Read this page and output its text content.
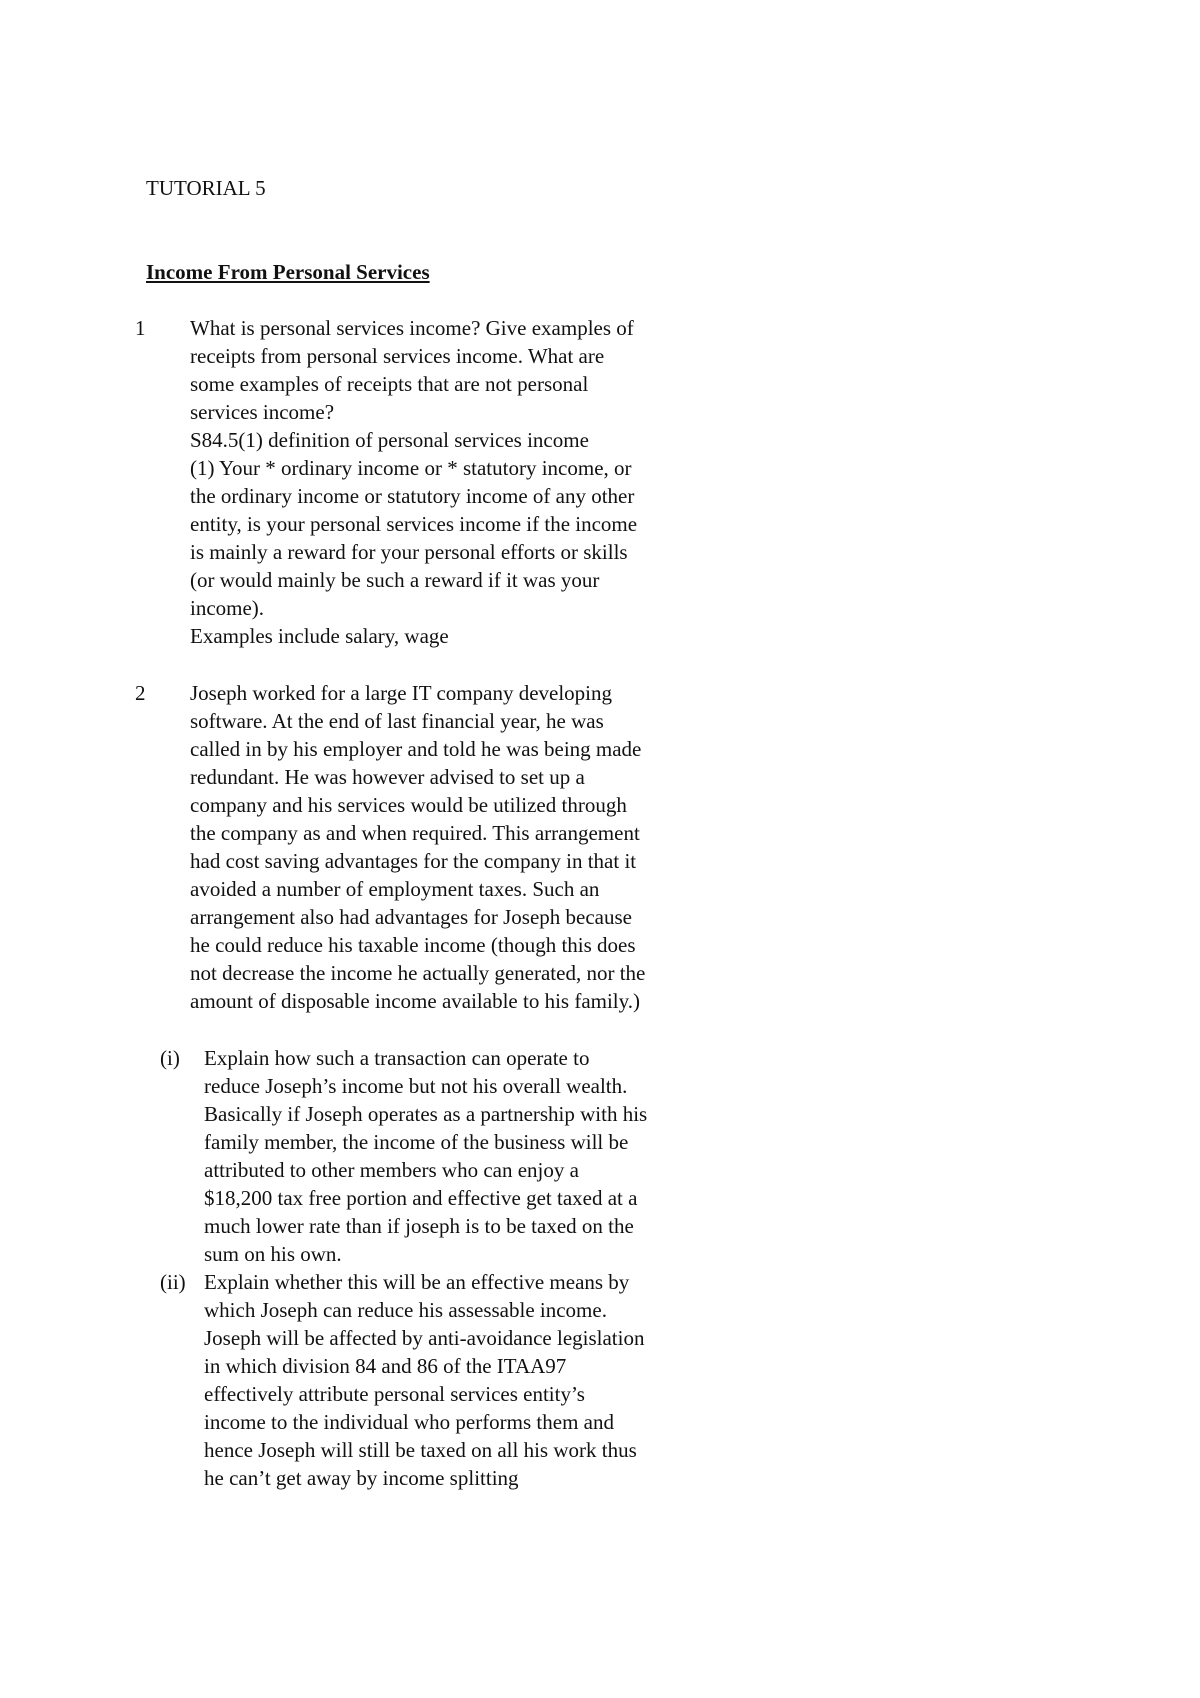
TUTORIAL 5
Income From Personal Services
1 What is personal services income? Give examples of
receipts from personal services income. What are
some examples of receipts that are not personal
services income?
S84.5(1) definition of personal services income
(1) Your * ordinary income or * statutory income, or
the ordinary income or statutory income of any other
entity, is your personal services income if the income
is mainly a reward for your personal efforts or skills
(or would mainly be such a reward if it was your
income).
Examples include salary, wage
2 Joseph worked for a large IT company developing
software. At the end of last financial year, he was
called in by his employer and told he was being made
redundant. He was however advised to set up a
company and his services would be utilized through
the company as and when required. This arrangement
had cost saving advantages for the company in that it
avoided a number of employment taxes. Such an
arrangement also had advantages for Joseph because
he could reduce his taxable income (though this does
not decrease the income he actually generated, nor the
amount of disposable income available to his family.)
(i) Explain how such a transaction can operate to
reduce Joseph’s income but not his overall wealth.
Basically if Joseph operates as a partnership with his
family member, the income of the business will be
attributed to other members who can enjoy a
$18,200 tax free portion and effective get taxed at a
much lower rate than if joseph is to be taxed on the
sum on his own.
(ii) Explain whether this will be an effective means by
which Joseph can reduce his assessable income.
Joseph will be affected by anti-avoidance legislation
in which division 84 and 86 of the ITAA97
effectively attribute personal services entity’s
income to the individual who performs them and
hence Joseph will still be taxed on all his work thus
he can’t get away by income splitting
